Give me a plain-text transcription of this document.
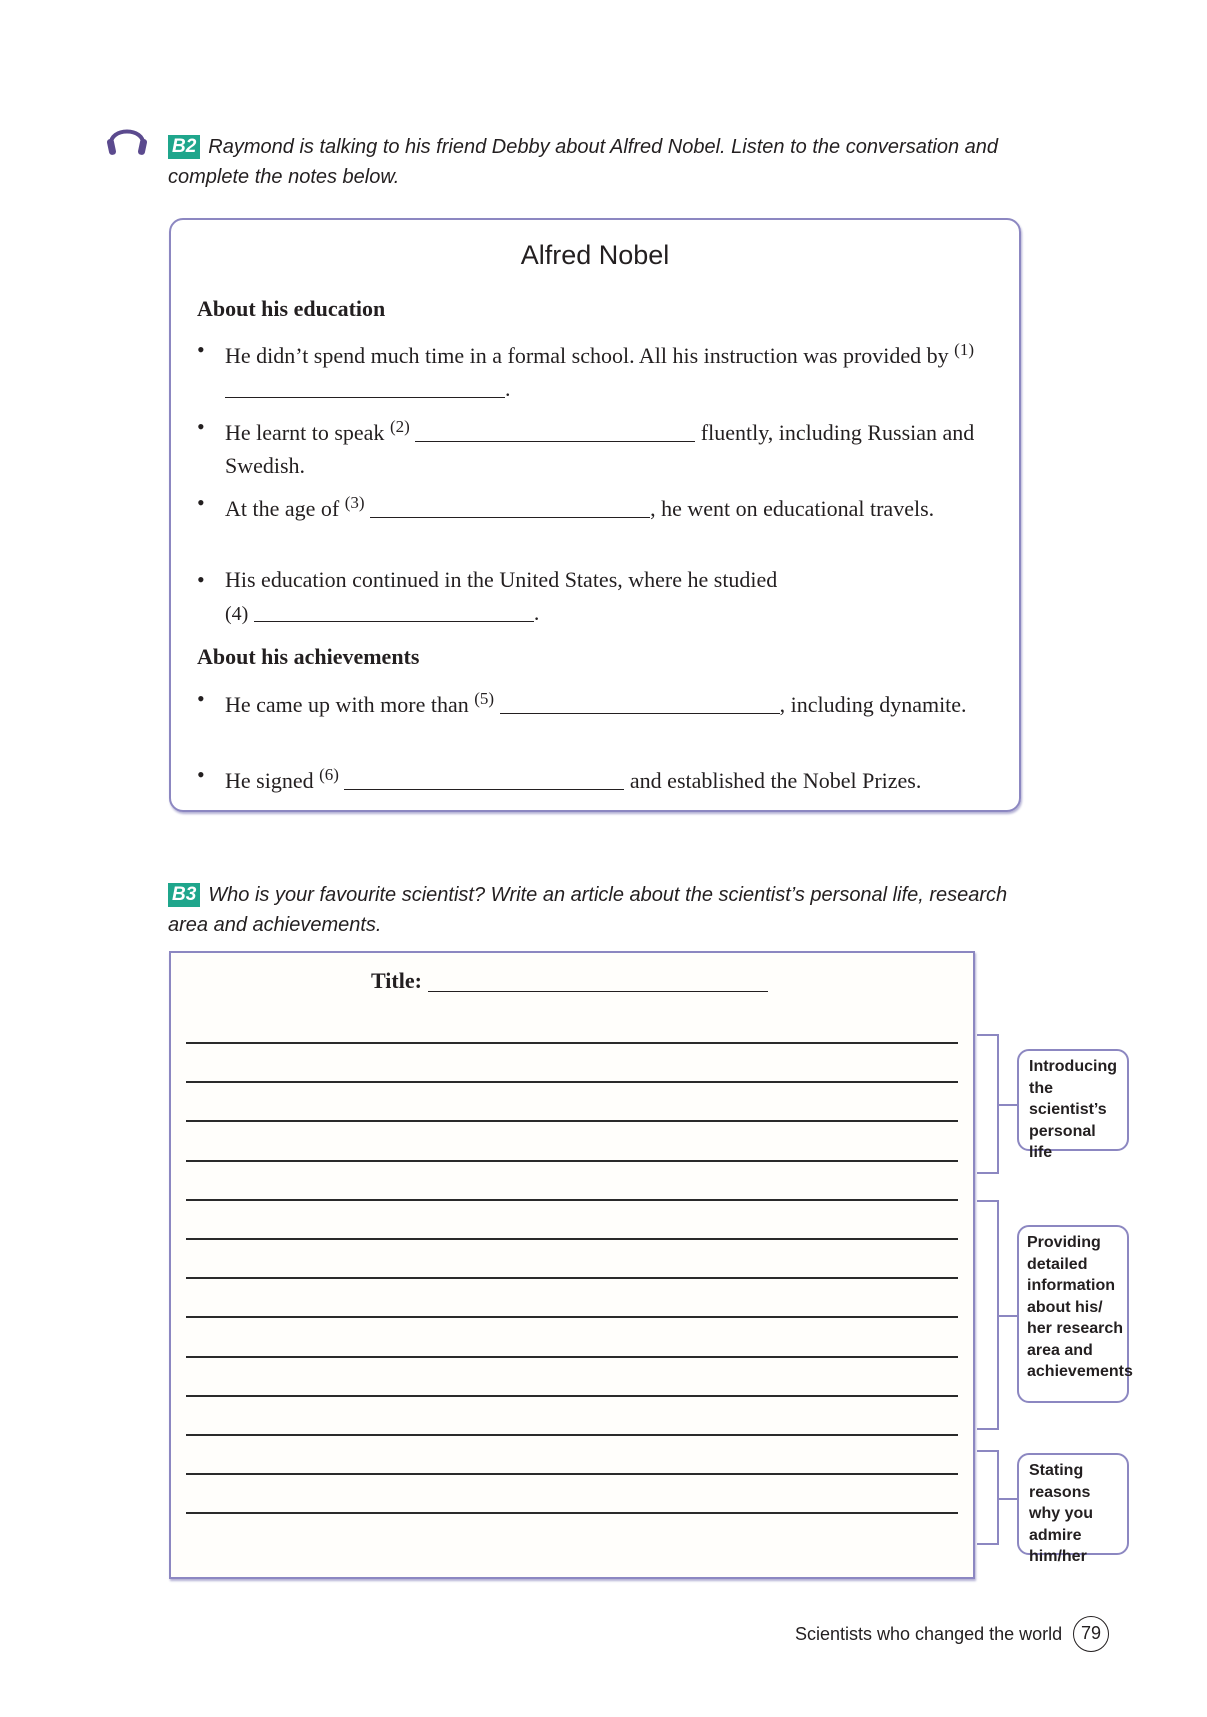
B2 Raymond is talking to his friend Debby about Alfred Nobel. Listen to the conversation and complete the notes below.
Alfred Nobel
About his education
• He didn’t spend much time in a formal school. All his instruction was provided by $^{(1)}$ .
• He learnt to speak $^{(2)}$	fluently, including Russian and Swedish.
• At the age of $^{(3)}$	, he went on educational travels.
• His education continued in the United States, where he studied
(4)	.
About his achievements
• He came up with more than $^{(5)}$	, including dynamite.
• He signed $^{(6)}$	and established the Nobel Prizes.
B3 Who is your favourite scientist? Write an article about the scientist’s personal life, research area and achievements.
Title:
Introducing the scientist’s personal life
Providing detailed information about his/ her research area and achievements
Stating reasons why you admire him/her
Scientists who changed the world	79
